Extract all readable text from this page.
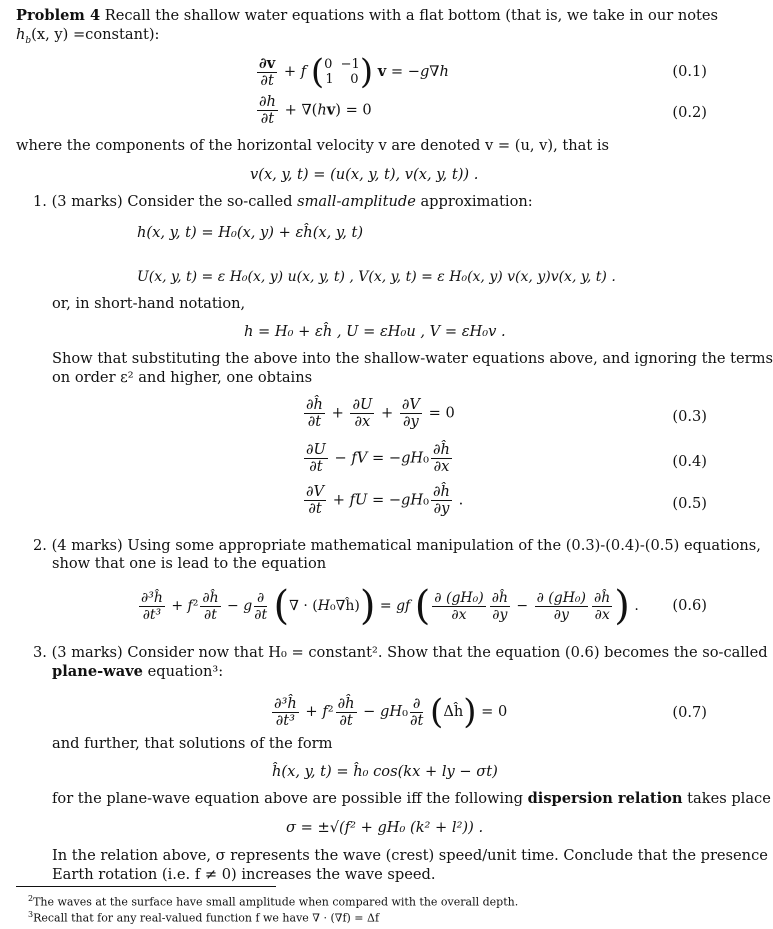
Problem 4 Recall the shallow water equations with a flat bottom (that is, we take in our notes
$h_b(x$, y) =constant):
$\frac{\partial v}{\partial t} + f$ ( 0  −1
1    0 ) v = −g∇h	(0.1)
$\frac{\partial h}{\partial t} + \nabla(hv) = 0$	(0.2)
where the components of the horizontal velocity v are denoted v = (u, v), that is
v(x, y, t) = (u(x, y, t), v(x, y, t)) .
1. (3 marks) Consider the so-called small-amplitude approximation:
h(x, y, t) = H₀(x, y) + εĥ(x, y, t)
U(x, y, t) = ε H₀(x, y) u(x, y, t) , V(x, y, t) = ε H₀(x, y) v(x, y)v(x, y, t) .
or, in short-hand notation,
h = H₀ + εĥ , U = εH₀u , V = εH₀v .
Show that substituting the above into the shallow-water equations above, and ignoring the terms
on order ε² and higher, one obtains
$\frac{\partial ĥ}{\partial t} + \frac{\partial U}{\partial x} + \frac{\partial V}{\partial y} = 0$	(0.3)
$\frac{\partial U}{\partial t}$ − fV = $-gH_0 \frac{\partial ĥ}{\partial x}$	(0.4)
$\frac{\partial V}{\partial t}$ + fU = $-gH_0 \frac{\partial ĥ}{\partial y}$ .	(0.5)
2. (4 marks) Using some appropriate mathematical manipulation of the (0.3)-(0.4)-(0.5) equations,
show that one is lead to the equation
$\frac{\text{∂³ĥ}}{\text{∂t³}} + f^2 \frac{\partial ĥ}{\partial t} - g \frac{\partial}{\partial t}$ (∇ · (H₀∇ĥ)) = gf ( $\frac{\text{∂ (gH₀)}}{\partial x} \frac{\partial ĥ}{\partial y} - \frac{\text{∂ (gH₀)}}{\partial y} \frac{\partial ĥ}{\partial x}$ ) . (0.6)
3. (3 marks) Consider now that H₀ = constant². Show that the equation (0.6) becomes the so-called
plane-wave equation³:
$\frac{\text{∂³ĥ}}{\text{∂t³}} + f^2 \frac{\partial ĥ}{\partial t} - gH_0 \frac{\partial}{\partial t}$ (Δĥ) = 0	(0.7)
and further, that solutions of the form
ĥ(x, y, t) = ĥ₀ cos(kx + ly − σt)
for the plane-wave equation above are possible iff the following dispersion relation takes place
σ = ±√(f² + gH₀ (k² + l²)) .
In the relation above, σ represents the wave (crest) speed/unit time. Conclude that the presence
Earth rotation (i.e. f ≠ 0) increases the wave speed.
$^2$The waves at the surface have small amplitude when compared with the overall depth.
$^3$Recall that for any real-valued function f we have ∇ · (∇f) = Δf
